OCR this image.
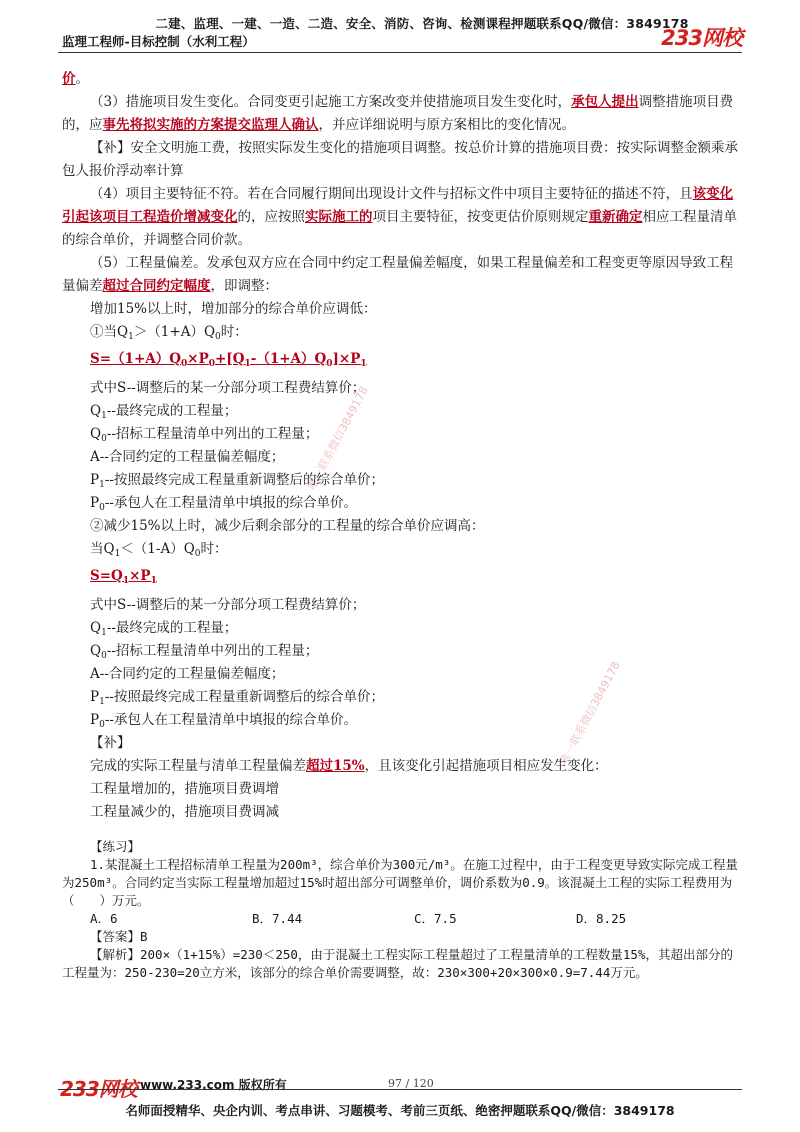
二建、监理、一建、一造、二造、安全、消防、咨询、检测课程押题联系QQ/微信：3849178
监理工程师-目标控制（水利工程）	233网校
唯一联系微信3849178
唯一联系微信3849178

价。

（3）措施项目发生变化。合同变更引起施工方案改变并使措施项目发生变化时，承包人提出调整措施项目费的，应事先将拟实施的方案提交监理人确认，并应详细说明与原方案相比的变化情况。

【补】安全文明施工费，按照实际发生变化的措施项目调整。按总价计算的措施项目费：按实际调整金额乘承包人报价浮动率计算

（4）项目主要特征不符。若在合同履行期间出现设计文件与招标文件中项目主要特征的描述不符，且该变化引起该项目工程造价增减变化的，应按照实际施工的项目主要特征，按变更估价原则规定重新确定相应工程量清单的综合单价，并调整合同价款。

（5）工程量偏差。发承包双方应在合同中约定工程量偏差幅度，如果工程量偏差和工程变更等原因导致工程量偏差超过合同约定幅度，即调整：

增加15%以上时，增加部分的综合单价应调低：

①当$Q_1>(1+A)Q_0$时：

$S=(1+A)Q_0\times P_0+[Q_1-(1+A)Q_0]\times P_1$

式中S--调整后的某一分部分项工程费结算价；

$Q_1--$最终完成的工程量；

$Q_0--$招标工程量清单中列出的工程量；

A--合同约定的工程量偏差幅度；

$P_1--$按照最终完成工程量重新调整后的综合单价；

$P_0--$承包人在工程量清单中填报的综合单价。

②减少15%以上时，减少后剩余部分的工程量的综合单价应调高：

当$Q_1<(1-A)Q_0$时：

$S=Q_1\times P_1$

式中S--调整后的某一分部分项工程费结算价；

$Q_1--$最终完成的工程量；

$Q_0--$招标工程量清单中列出的工程量；

A--合同约定的工程量偏差幅度；

$P_1--$按照最终完成工程量重新调整后的综合单价；

$P_0--$承包人在工程量清单中填报的综合单价。

【补】

完成的实际工程量与清单工程量偏差超过15%，且该变化引起措施项目相应发生变化：

工程量增加的，措施项目费调增

工程量减少的，措施项目费调减

【练习】
1.某混凝土工程招标清单工程量为200m³，综合单价为300元/m³。在施工过程中，由于工程变更导致实际完成工程量为250m³。合同约定当实际工程量增加超过15%时超出部分可调整单价，调价系数为0.9。该混凝土工程的实际工程费用为（　　）万元。
A．6	B．7.44	C．7.5	D．8.25
【答案】B
【解析】200×（1+15%）=230＜250，由于混凝土工程实际工程量超过了工程量清单的工程数量15%，其超出部分的工程量为：250-230=20立方米，该部分的综合单价需要调整，故：230×300+20×300×0.9=7.44万元。
233网校 www.233.com 版权所有	97 / 120
名师面授精华、央企内训、考点串讲、习题模考、考前三页纸、绝密押题联系QQ/微信：3849178
